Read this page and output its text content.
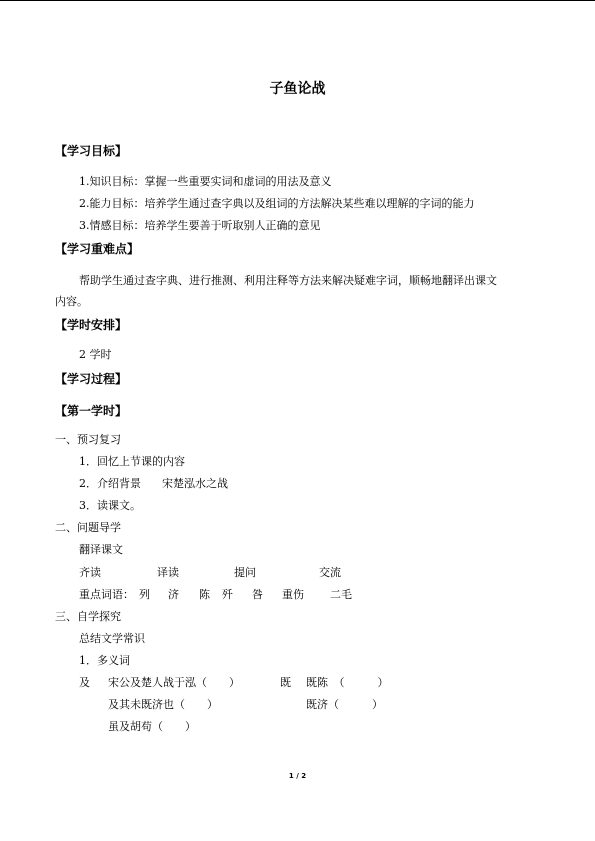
子鱼论战
【学习目标】
1.知识目标：掌握一些重要实词和虚词的用法及意义
2.能力目标：培养学生通过查字典以及组词的方法解决某些难以理解的字词的能力
3.情感目标：培养学生要善于听取别人正确的意见
【学习重难点】
帮助学生通过查字典、进行推测、利用注释等方法来解决疑难字词，顺畅地翻译出课文
内容。
【学时安排】
2 学时
【学习过程】
【第一学时】
一、预习复习
1．回忆上节课的内容
2．介绍背景 宋楚泓水之战
3．读课文。
二、问题导学
翻译课文
齐读	译读	提问	交流
重点词语： 列 济 陈 歼 咎 重伤 二毛
三、自学探究
总结文学常识
1．多义词
及 宋公及楚人战于泓（　　）	既 既陈　（　　　）
及其未既济也（　　）	既济（　　　）
虽及胡苟（　　）
1 / 2
